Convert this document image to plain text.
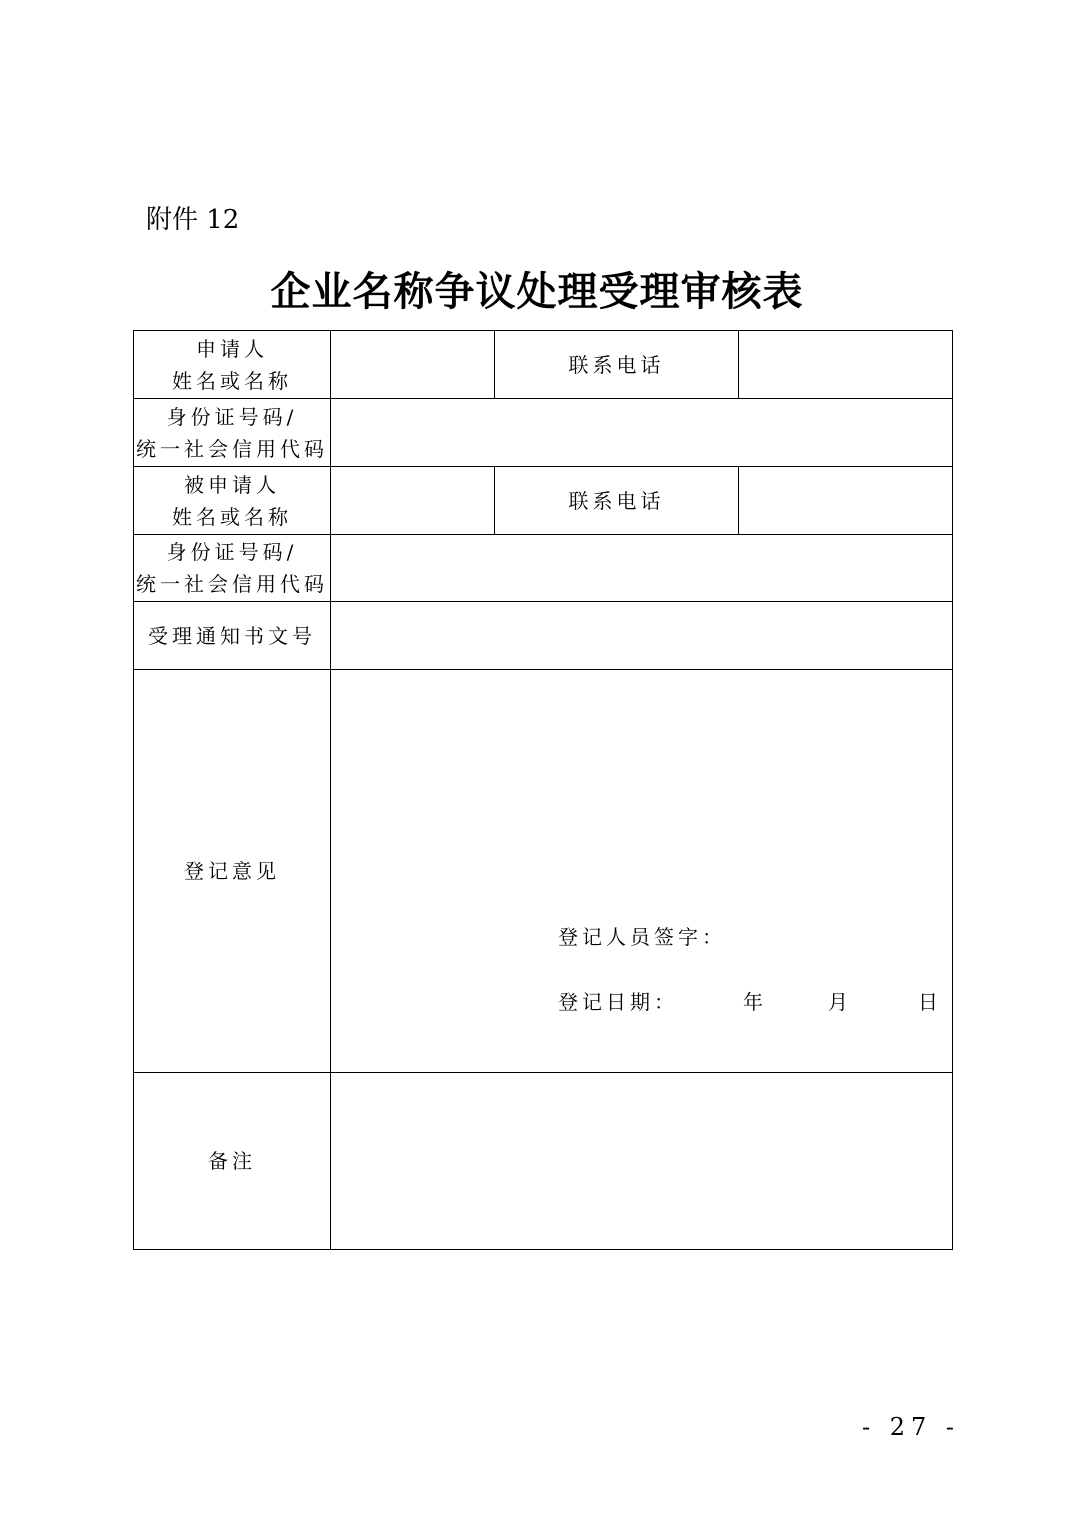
附件 12
企业名称争议处理受理审核表
申请人
姓名或名称		联系电话	

身份证号码/
统一社会信用代码			

被申请人
姓名或名称		联系电话	

身份证号码/
统一社会信用代码			

受理通知书文号			
登记意见	登记人员签字：
登记日期： 年 月 日		

备注			
- 27 -
